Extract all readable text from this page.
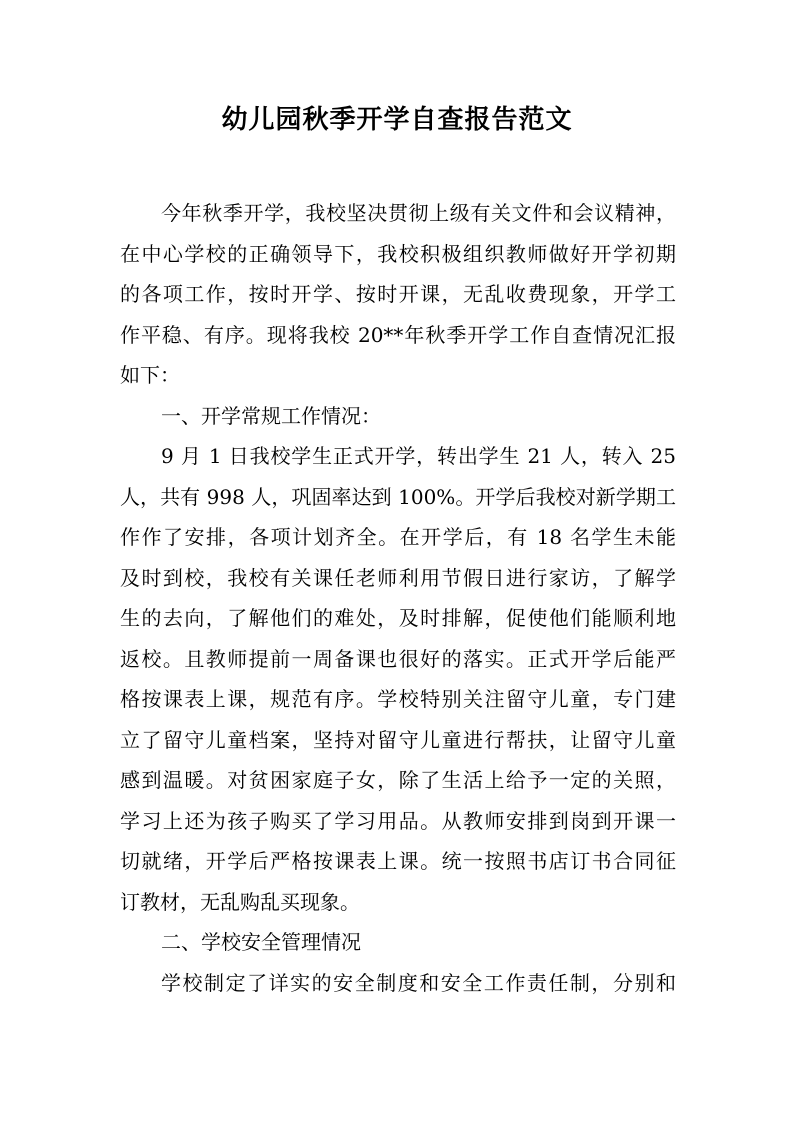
幼儿园秋季开学自查报告范文
今年秋季开学，我校坚决贯彻上级有关文件和会议精神，
在中心学校的正确领导下，我校积极组织教师做好开学初期
的各项工作，按时开学、按时开课，无乱收费现象，开学工
作平稳、有序。现将我校 20**年秋季开学工作自查情况汇报
如下：
一、开学常规工作情况：
9 月 1 日我校学生正式开学，转出学生 21 人，转入 25
人，共有 998 人，巩固率达到 100%。开学后我校对新学期工
作作了安排，各项计划齐全。在开学后，有 18 名学生未能
及时到校，我校有关课任老师利用节假日进行家访，了解学
生的去向，了解他们的难处，及时排解，促使他们能顺利地
返校。且教师提前一周备课也很好的落实。正式开学后能严
格按课表上课，规范有序。学校特别关注留守儿童，专门建
立了留守儿童档案，坚持对留守儿童进行帮扶，让留守儿童
感到温暖。对贫困家庭子女，除了生活上给予一定的关照，
学习上还为孩子购买了学习用品。从教师安排到岗到开课一
切就绪，开学后严格按课表上课。统一按照书店订书合同征
订教材，无乱购乱买现象。
二、学校安全管理情况
学校制定了详实的安全制度和安全工作责任制，分别和
